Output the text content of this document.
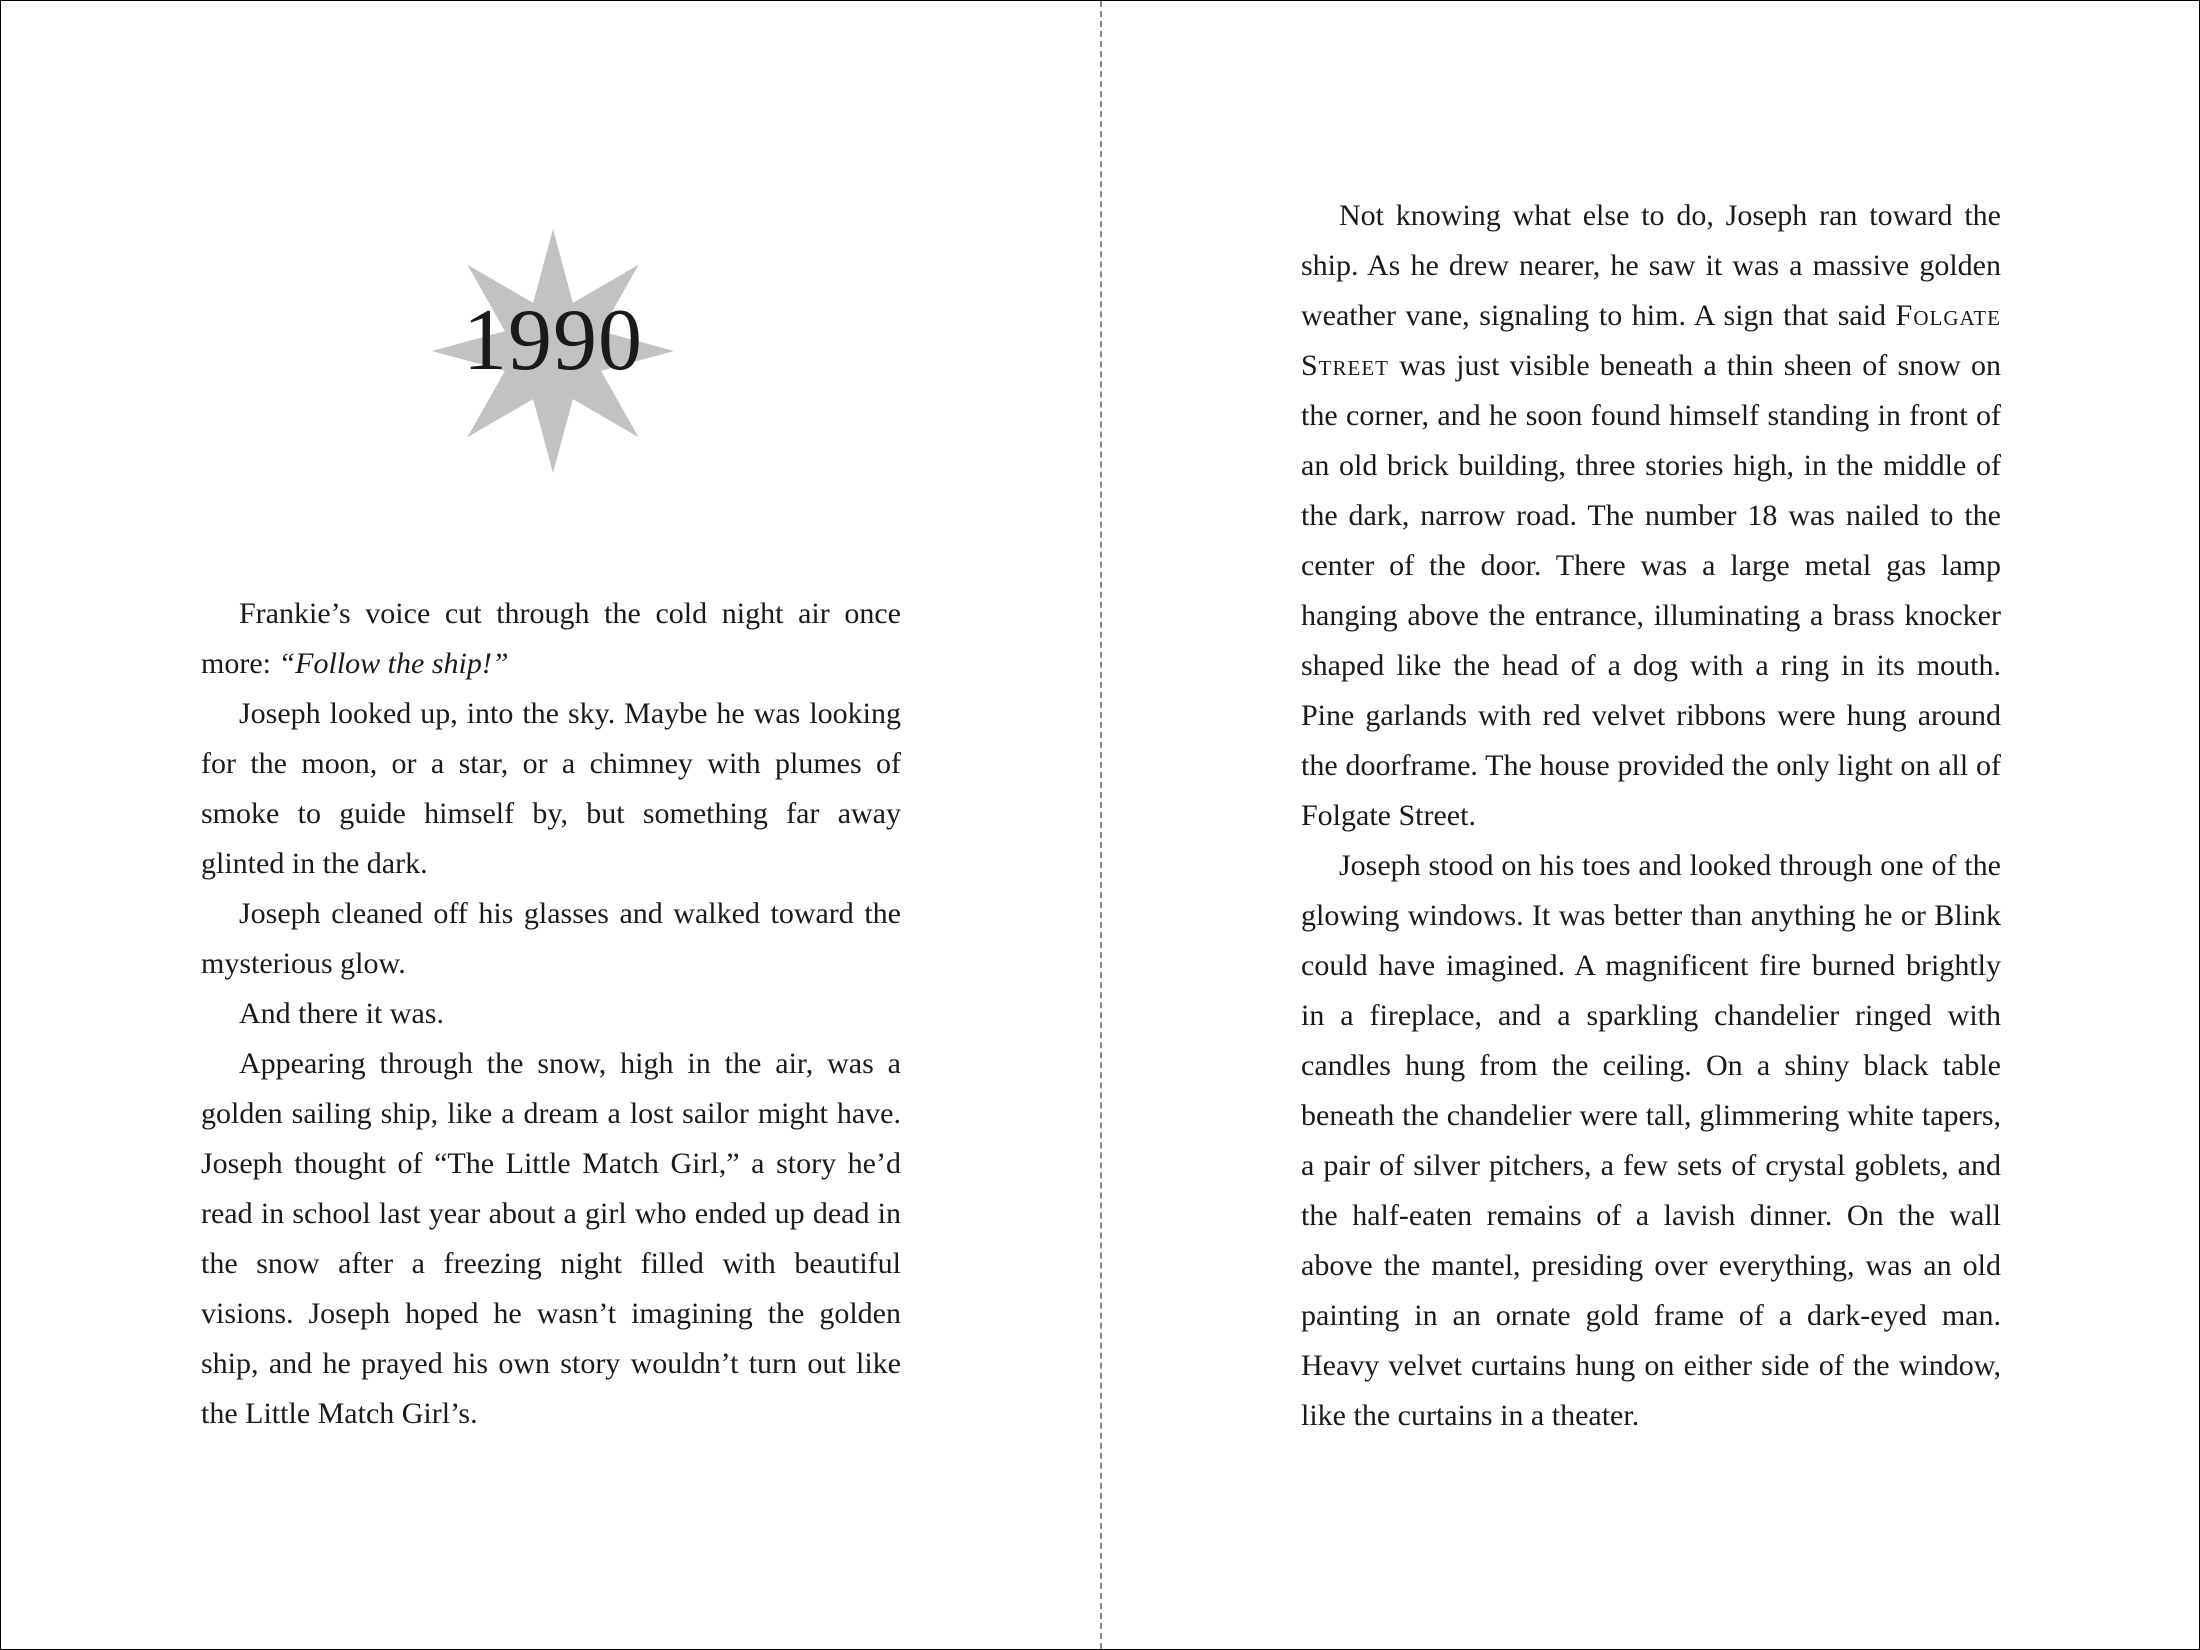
1990

Frankie’s voice cut through the cold night air once more: “Follow the ship!”

Joseph looked up, into the sky. Maybe he was looking for the moon, or a star, or a chimney with plumes of smoke to guide himself by, but something far away glinted in the dark.

Joseph cleaned off his glasses and walked toward the mysterious glow.

And there it was.

Appearing through the snow, high in the air, was a golden sailing ship, like a dream a lost sailor might have. Joseph thought of “The Little Match Girl,” a story he’d read in school last year about a girl who ended up dead in the snow after a freezing night filled with beautiful visions. Joseph hoped he wasn’t imagining the golden ship, and he prayed his own story wouldn’t turn out like the Little Match Girl’s.

Not knowing what else to do, Joseph ran toward the ship. As he drew nearer, he saw it was a massive golden weather vane, signaling to him. A sign that said Folgate Street was just visible beneath a thin sheen of snow on the corner, and he soon found himself standing in front of an old brick building, three stories high, in the middle of the dark, narrow road. The number 18 was nailed to the center of the door. There was a large metal gas lamp hanging above the entrance, illuminating a brass knocker shaped like the head of a dog with a ring in its mouth. Pine garlands with red velvet ribbons were hung around the doorframe. The house provided the only light on all of Folgate Street.

Joseph stood on his toes and looked through one of the glowing windows. It was better than anything he or Blink could have imagined. A magnificent fire burned brightly in a fireplace, and a sparkling chandelier ringed with candles hung from the ceiling. On a shiny black table beneath the chandelier were tall, glimmering white tapers, a pair of silver pitchers, a few sets of crystal goblets, and the half-eaten remains of a lavish dinner. On the wall above the mantel, presiding over everything, was an old painting in an ornate gold frame of a dark-eyed man. Heavy velvet curtains hung on either side of the window, like the curtains in a theater.
